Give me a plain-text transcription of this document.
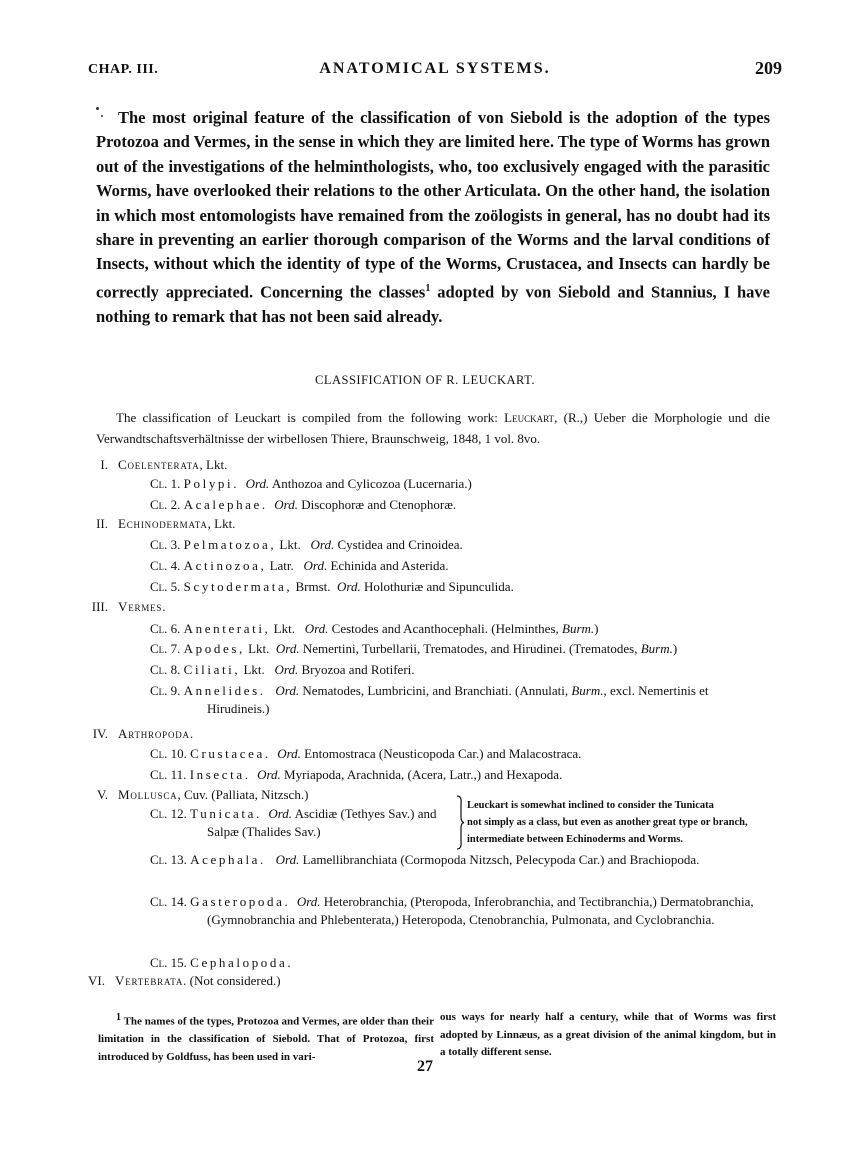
CHAP. III.	ANATOMICAL SYSTEMS.	209

The most original feature of the classification of von Siebold is the adoption of the types Protozoa and Vermes, in the sense in which they are limited here. The type of Worms has grown out of the investigations of the helminthologists, who, too exclusively engaged with the parasitic Worms, have overlooked their relations to the other Articulata. On the other hand, the isolation in which most entomologists have remained from the zoölogists in general, has no doubt had its share in preventing an earlier thorough comparison of the Worms and the larval conditions of Insects, without which the identity of type of the Worms, Crustacea, and Insects can hardly be correctly appreciated. Concerning the classes$^1$ adopted by von Siebold and Stannius, I have nothing to remark that has not been said already.

CLASSIFICATION OF R. LEUCKART.

The classification of Leuckart is compiled from the following work: Leuckart, (R.,) Ueber die Morphologie und die Verwandtschaftsverhältnisse der wirbellosen Thiere, Braunschweig, 1848, 1 vol. 8vo.

I. Coelenterata, Lkt.
Cl. 1. Polypi. Ord. Anthozoa and Cylicozoa (Lucernaria.)
Cl. 2. Acalephae. Ord. Discophoræ and Ctenophoræ.
II. Echinodermata, Lkt.
Cl. 3. Pelmatozoa, Lkt. Ord. Cystidea and Crinoidea.
Cl. 4. Actinozoa, Latr. Ord. Echinida and Asterida.
Cl. 5. Scytodermata, Brmst. Ord. Holothuriæ and Sipunculida.
III. Vermes.
Cl. 6. Anenterati, Lkt. Ord. Cestodes and Acanthocephali. (Helminthes, Burm.)
Cl. 7. Apodes, Lkt. Ord. Nemertini, Turbellarii, Trematodes, and Hirudinei. (Trematodes, Burm.)
Cl. 8. Ciliati, Lkt. Ord. Bryozoa and Rotiferi.
Cl. 9. Annelides. Ord. Nematodes, Lumbricini, and Branchiati. (Annulati, Burm., excl. Nemertinis et Hirudineis.)
IV. Arthropoda.
Cl. 10. Crustacea. Ord. Entomostraca (Neusticopoda Car.) and Malacostraca.
Cl. 11. Insecta. Ord. Myriapoda, Arachnida, (Acera, Latr.,) and Hexapoda.
V. Mollusca, Cuv. (Palliata, Nitzsch.)
Cl. 12. Tunicata. Ord. Ascidiæ (Tethyes Sav.) and Salpæ (Thalides Sav.)
Leuckart is somewhat inclined to consider the Tunicata
not simply as a class, but even as another great type or branch,
intermediate between Echinoderms and Worms.
Cl. 13. Acephala. Ord. Lamellibranchiata (Cormopoda Nitzsch, Pelecypoda Car.) and Brachiopoda.
Cl. 14. Gasteropoda. Ord. Heterobranchia, (Pteropoda, Inferobranchia, and Tectibranchia,) Dermatobranchia, (Gymnobranchia and Phlebenterata,) Heteropoda, Ctenobranchia, Pulmonata, and Cyclobranchia.
Cl. 15. Cephalopoda.
VI. Vertebrata. (Not considered.)

$^1$ The names of the types, Protozoa and Vermes, are older than their limitation in the classification of Siebold. That of Protozoa, first introduced by Goldfuss, has been used in vari-

ous ways for nearly half a century, while that of Worms was first adopted by Linnæus, as a great division of the animal kingdom, but in a totally different sense.

27
